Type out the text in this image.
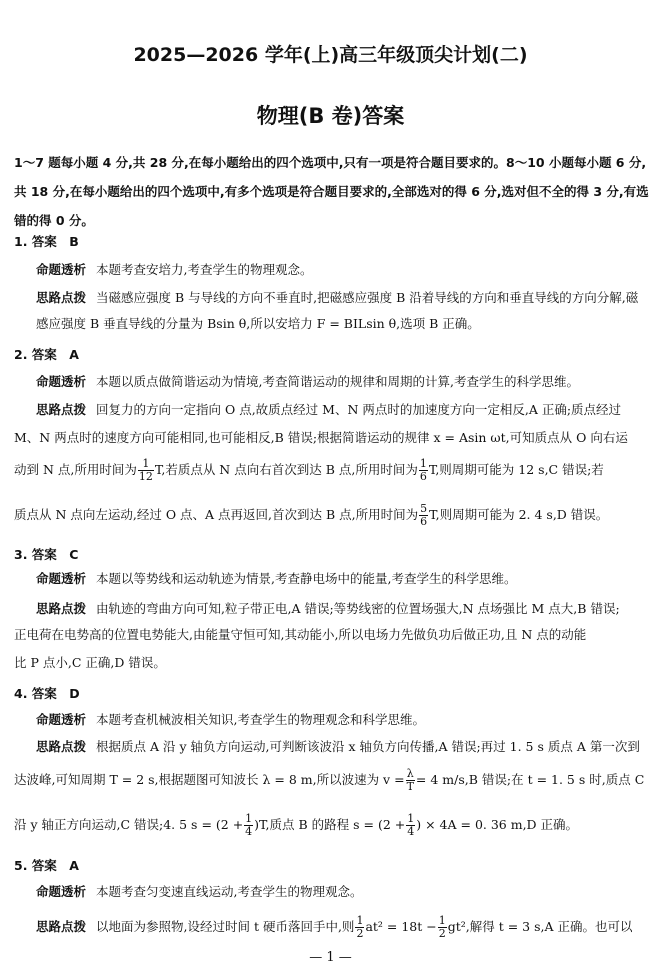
2025—2026 学年(上)高三年级顶尖计划(二)
物理(B 卷)答案
1～7 题每小题 4 分,共 28 分,在每小题给出的四个选项中,只有一项是符合题目要求的。8～10 小题每小题 6 分,共 18 分,在每小题给出的四个选项中,有多个选项是符合题目要求的,全部选对的得 6 分,选对但不全的得 3 分,有选错的得 0 分。
1. 答案　B
命题透析 本题考查安培力,考查学生的物理观念。
思路点拨 当磁感应强度 B 与导线的方向不垂直时,把磁感应强度 B 沿着导线的方向和垂直导线的方向分解,磁感应强度 B 垂直导线的分量为 Bsin θ,所以安培力 F = BILsin θ,选项 B 正确。
2. 答案　A
命题透析 本题以质点做简谐运动为情境,考查简谐运动的规律和周期的计算,考查学生的科学思维。
思路点拨 回复力的方向一定指向 O 点,故质点经过 M、N 两点时的加速度方向一定相反,A 正确;质点经过
M、N 两点时的速度方向可能相同,也可能相反,B 错误;根据简谐运动的规律 x = Asin ωt,可知质点从 O 向右运
动到 N 点,所用时间为 $\frac{1}{12} T$,若质点从 N 点向右首次到达 B 点,所用时间为 $\frac{1}{6} T$,则周期可能为 12 s,C 错误;若
质点从 N 点向左运动,经过 O 点、A 点再返回,首次到达 B 点,所用时间为 $\frac{5}{6} T$,则周期可能为 2. 4 s,D 错误。
3. 答案　C
命题透析 本题以等势线和运动轨迹为情景,考查静电场中的能量,考查学生的科学思维。
思路点拨 由轨迹的弯曲方向可知,粒子带正电,A 错误;等势线密的位置场强大,N 点场强比 M 点大,B 错误;
正电荷在电势高的位置电势能大,由能量守恒可知,其动能小,所以电场力先做负功后做正功,且 N 点的动能
比 P 点小,C 正确,D 错误。
4. 答案　D
命题透析 本题考查机械波相关知识,考查学生的物理观念和科学思维。
思路点拨 根据质点 A 沿 y 轴负方向运动,可判断该波沿 x 轴负方向传播,A 错误;再过 1. 5 s 质点 A 第一次到
达波峰,可知周期 T = 2 s,根据题图可知波长 λ = 8 m,所以波速为 $v = \frac{\lambda}{T} = 4$ m/s,B 错误;在 t = 1. 5 s 时,质点 C
沿 y 轴正方向运动,C 错误;4. 5 $s = (2 + \frac{1}{4} )T$,质点 B 的路程 $s = (2 + \frac{1}{4}$ ) × 4A = 0. 36 m,D 正确。
5. 答案　A
命题透析 本题考查匀变速直线运动,考查学生的物理观念。
思路点拨 以地面为参照物,设经过时间 t 硬币落回手中,则 $\frac{1}{2} at^2 = 18t - \frac{1}{2} gt^2$,解得 t = 3 s,A 正确。也可以
— 1 —
